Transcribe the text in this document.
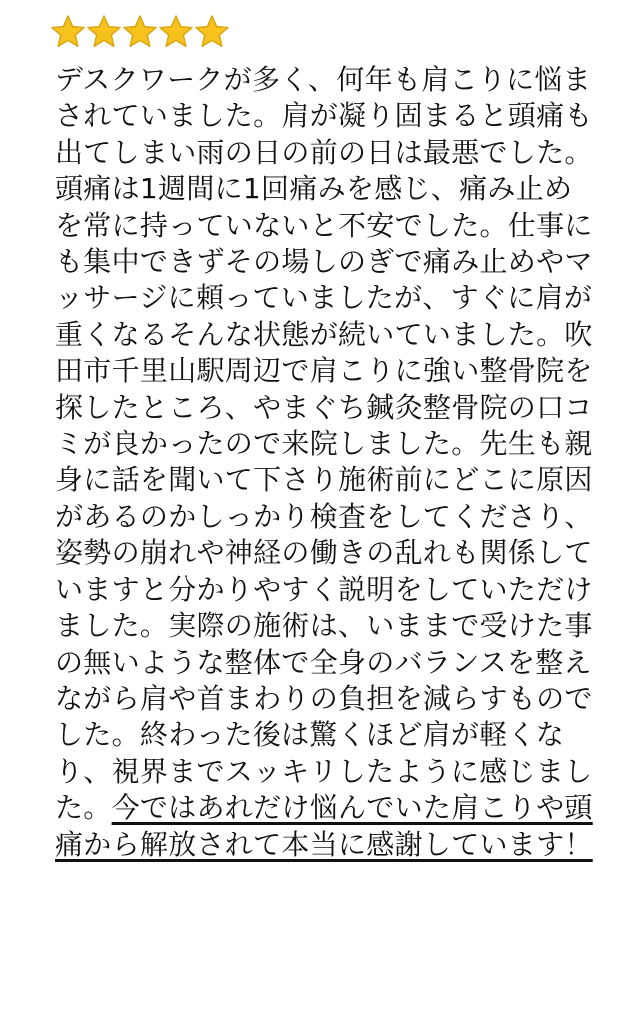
デスクワークが多く、何年も肩こりに悩まされていました。肩が凝り固まると頭痛も出てしまい雨の日の前の日は最悪でした。頭痛は1週間に1回痛みを感じ、痛み止めを常に持っていないと不安でした。仕事にも集中できずその場しのぎで痛み止めやマッサージに頼っていましたが、すぐに肩が重くなるそんな状態が続いていました。吹田市千里山駅周辺で肩こりに強い整骨院を探したところ、やまぐち鍼灸整骨院の口コミが良かったので来院しました。先生も親身に話を聞いて下さり施術前にどこに原因があるのかしっかり検査をしてくださり、姿勢の崩れや神経の働きの乱れも関係していますと分かりやすく説明をしていただけました。実際の施術は、いままで受けた事の無いような整体で全身のバランスを整えながら肩や首まわりの負担を減らすものでした。終わった後は驚くほど肩が軽くなり、視界までスッキリしたように感じました。今ではあれだけ悩んでいた肩こりや頭痛から解放されて本当に感謝しています！
